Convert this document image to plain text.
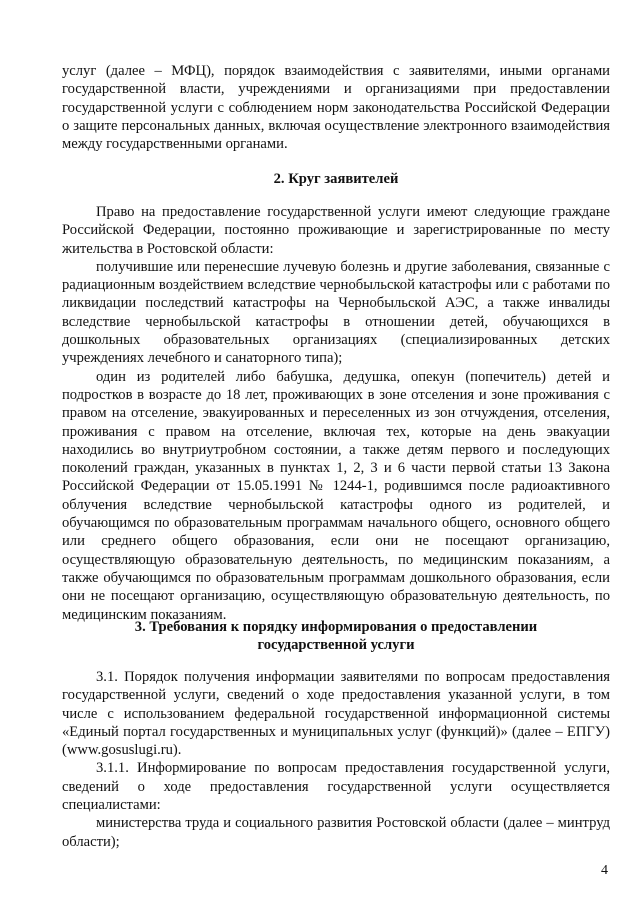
услуг (далее – МФЦ), порядок взаимодействия с заявителями, иными органами государственной власти, учреждениями и организациями при предоставлении государственной услуги с соблюдением норм законодательства Российской Федерации о защите персональных данных, включая осуществление электронного взаимодействия между государственными органами.

2. Круг заявителей

Право на предоставление государственной услуги имеют следующие граждане Российской Федерации, постоянно проживающие и зарегистрированные по месту жительства в Ростовской области:

получившие или перенесшие лучевую болезнь и другие заболевания, связанные с радиационным воздействием вследствие чернобыльской катастрофы или с работами по ликвидации последствий катастрофы на Чернобыльской АЭС, а также инвалиды вследствие чернобыльской катастрофы в отношении детей, обучающихся в дошкольных образовательных организациях (специализированных детских учреждениях лечебного и санаторного типа);

один из родителей либо бабушка, дедушка, опекун (попечитель) детей и подростков в возрасте до 18 лет, проживающих в зоне отселения и зоне проживания с правом на отселение, эвакуированных и переселенных из зон отчуждения, отселения, проживания с правом на отселение, включая тех, которые на день эвакуации находились во внутриутробном состоянии, а также детям первого и последующих поколений граждан, указанных в пунктах 1, 2, 3 и 6 части первой статьи 13 Закона Российской Федерации от 15.05.1991 № 1244-1, родившимся после радиоактивного облучения вследствие чернобыльской катастрофы одного из родителей, и обучающимся по образовательным программам начального общего, основного общего или среднего общего образования, если они не посещают организацию, осуществляющую образовательную деятельность, по медицинским показаниям, а также обучающимся по образовательным программам дошкольного образования, если они не посещают организацию, осуществляющую образовательную деятельность, по медицинским показаниям.

3. Требования к порядку информирования о предоставлении
государственной услуги

3.1. Порядок получения информации заявителями по вопросам предоставления государственной услуги, сведений о ходе предоставления указанной услуги, в том числе с использованием федеральной государственной информационной системы «Единый портал государственных и муниципальных услуг (функций)» (далее – ЕПГУ) (www.gosuslugi.ru).

3.1.1. Информирование по вопросам предоставления государственной услуги, сведений о ходе предоставления государственной услуги осуществляется специалистами:

министерства труда и социального развития Ростовской области (далее – минтруд области);

4
